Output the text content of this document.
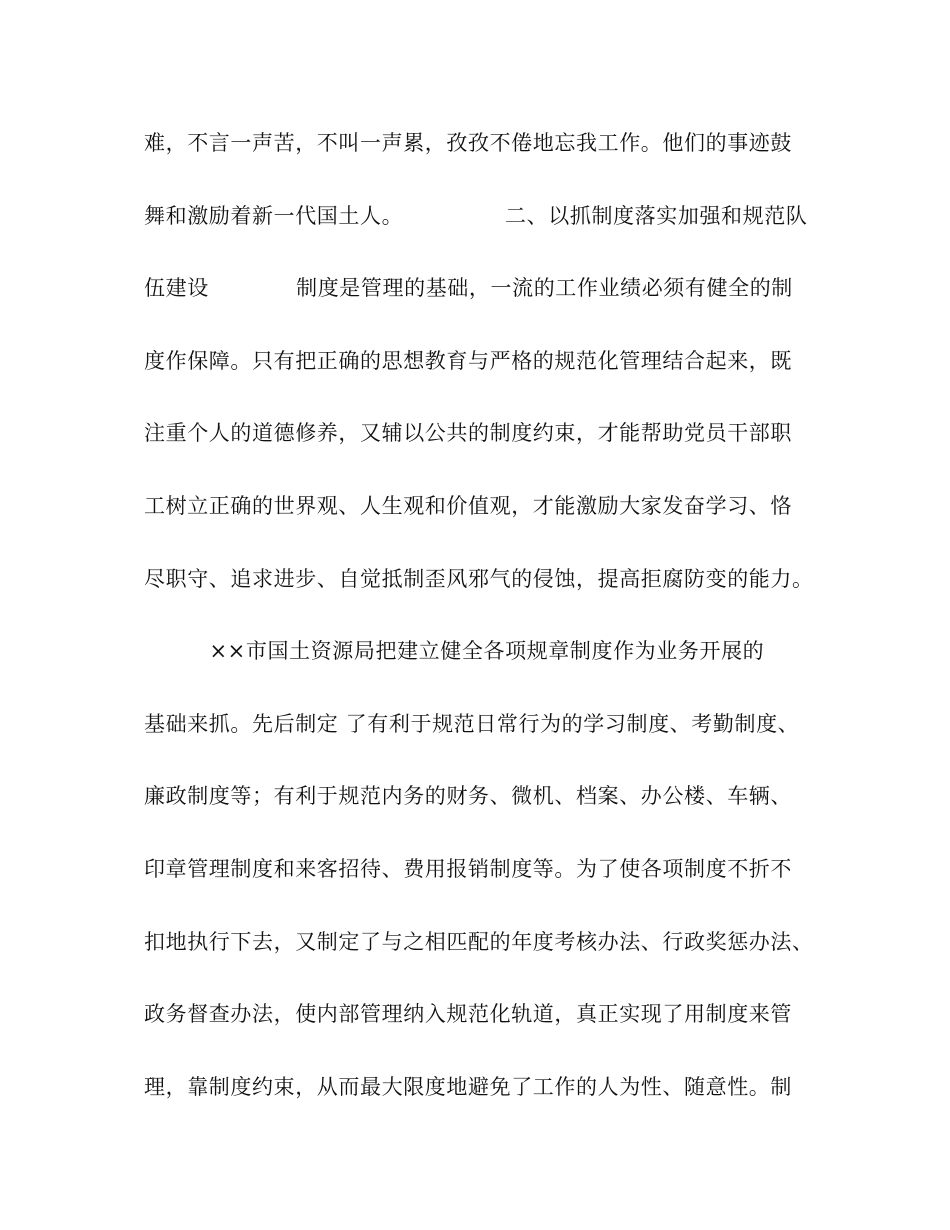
难，不言一声苦，不叫一声累，孜孜不倦地忘我工作。他们的事迹鼓
舞和激励着新一代国土人。              二、以抓制度落实加强和规范队
伍建设            制度是管理的基础，一流的工作业绩必须有健全的制
度作保障。只有把正确的思想教育与严格的规范化管理结合起来，既
注重个人的道德修养，又辅以公共的制度约束，才能帮助党员干部职
工树立正确的世界观、人生观和价值观，才能激励大家发奋学习、恪
尽职守、追求进步、自觉抵制歪风邪气的侵蚀，提高拒腐防变的能力。
××市国土资源局把建立健全各项规章制度作为业务开展的
基础来抓。先后制定 了有利于规范日常行为的学习制度、考勤制度、
廉政制度等；有利于规范内务的财务、微机、档案、办公楼、车辆、
印章管理制度和来客招待、费用报销制度等。为了使各项制度不折不
扣地执行下去，又制定了与之相匹配的年度考核办法、行政奖惩办法、
政务督查办法，使内部管理纳入规范化轨道，真正实现了用制度来管
理，靠制度约束，从而最大限度地避免了工作的人为性、随意性。制
